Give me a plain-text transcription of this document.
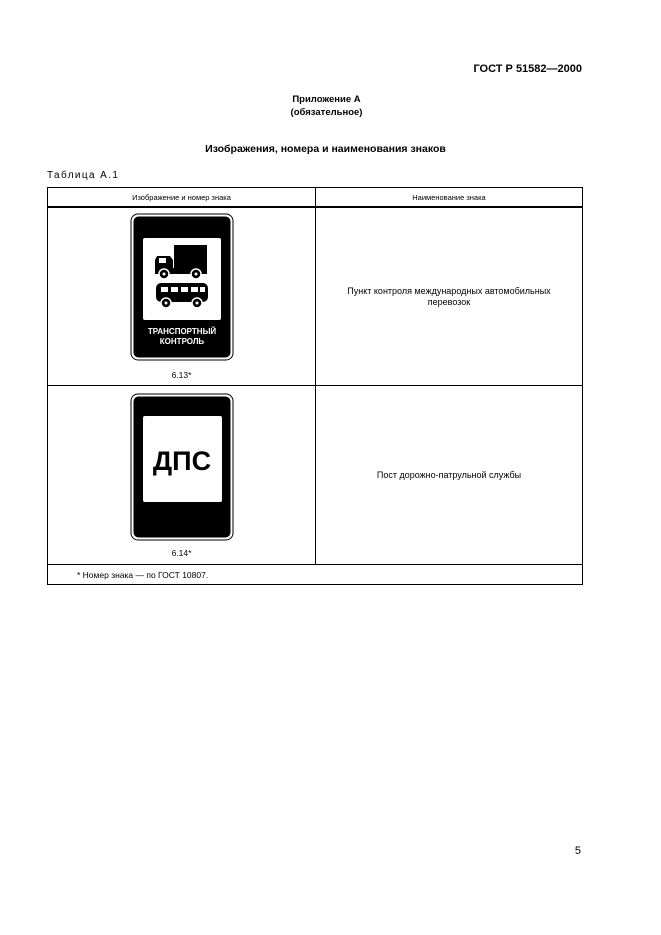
ГОСТ Р 51582—2000
Приложение А
(обязательное)
Изображения, номера и наименования знаков
Таблица А.1
Изображение и номер знака	Наименование знака

ТРАНСПОРТНЫЙ
КОНТРОЛЬ
6.13*	Пункт контроля международных автомобильных перевозок

ДПС
6.14*	Пост дорожно-патрульной службы

* Номер знака — по ГОСТ 10807.	
5
